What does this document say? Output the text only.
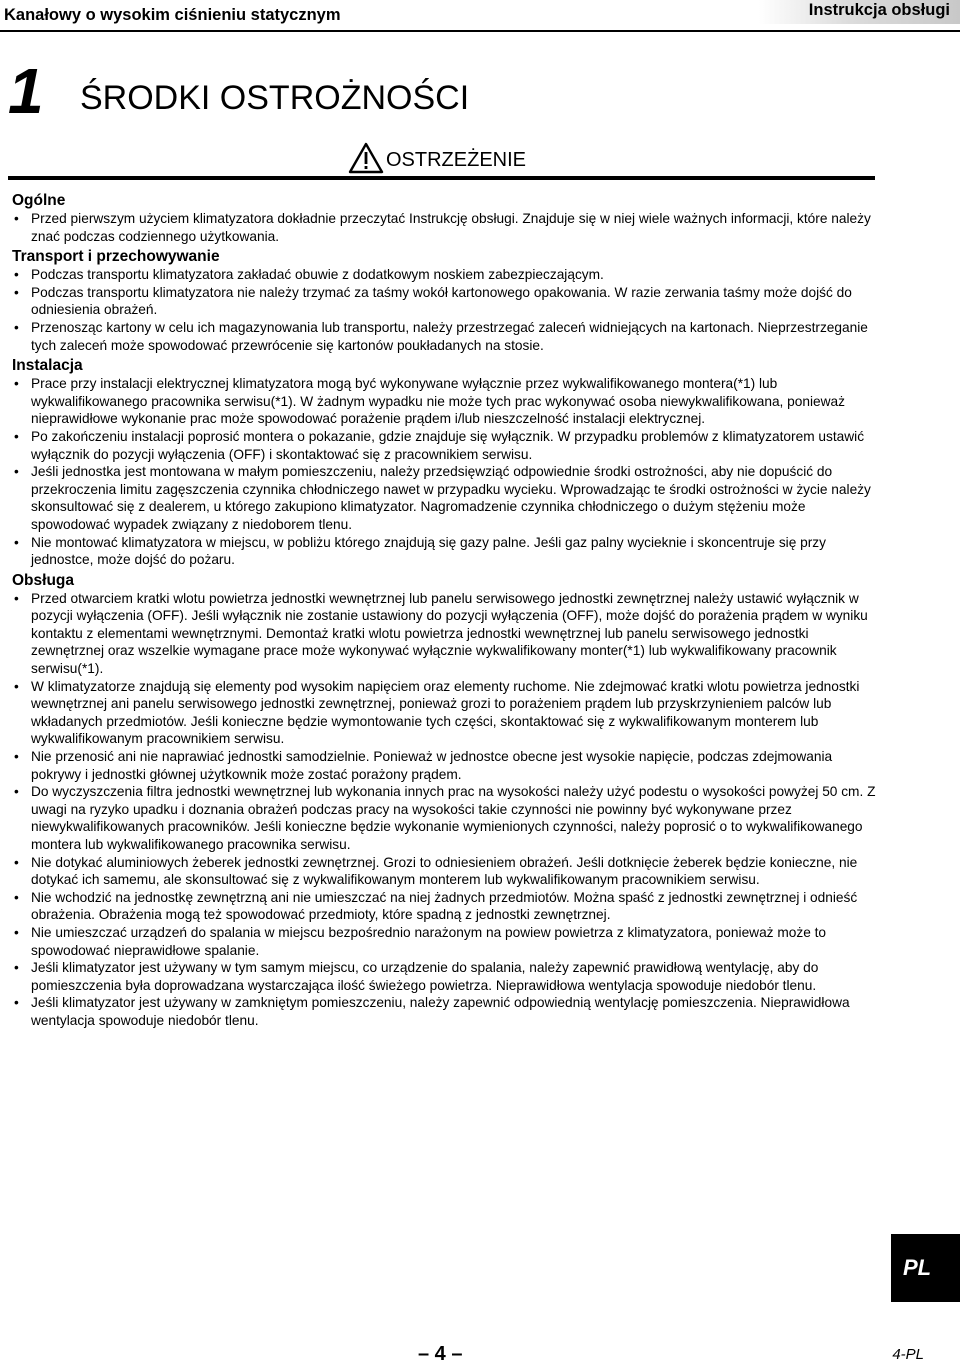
Kanałowy o wysokim ciśnieniu statycznym	Instrukcja obsługi
1 ŚRODKI OSTROŻNOŚCI
OSTRZEŻENIE
Ogólne
• Przed pierwszym użyciem klimatyzatora dokładnie przeczytać Instrukcję obsługi. Znajduje się w niej wiele ważnych informacji, które należy znać podczas codziennego użytkowania.
Transport i przechowywanie
• Podczas transportu klimatyzatora zakładać obuwie z dodatkowym noskiem zabezpieczającym.
• Podczas transportu klimatyzatora nie należy trzymać za taśmy wokół kartonowego opakowania. W razie zerwania taśmy może dojść do odniesienia obrażeń.
• Przenosząc kartony w celu ich magazynowania lub transportu, należy przestrzegać zaleceń widniejących na kartonach. Nieprzestrzeganie tych zaleceń może spowodować przewrócenie się kartonów poukładanych na stosie.
Instalacja
• Prace przy instalacji elektrycznej klimatyzatora mogą być wykonywane wyłącznie przez wykwalifikowanego montera(*1) lub wykwalifikowanego pracownika serwisu(*1). W żadnym wypadku nie może tych prac wykonywać osoba niewykwalifikowana, ponieważ nieprawidłowe wykonanie prac może spowodować porażenie prądem i/lub nieszczelność instalacji elektrycznej.
• Po zakończeniu instalacji poprosić montera o pokazanie, gdzie znajduje się wyłącznik. W przypadku problemów z klimatyzatorem ustawić wyłącznik do pozycji wyłączenia (OFF) i skontaktować się z pracownikiem serwisu.
• Jeśli jednostka jest montowana w małym pomieszczeniu, należy przedsięwziąć odpowiednie środki ostrożności, aby nie dopuścić do przekroczenia limitu zagęszczenia czynnika chłodniczego nawet w przypadku wycieku. Wprowadzając te środki ostrożności w życie należy skonsultować się z dealerem, u którego zakupiono klimatyzator. Nagromadzenie czynnika chłodniczego o dużym stężeniu może spowodować wypadek związany z niedoborem tlenu.
• Nie montować klimatyzatora w miejscu, w pobliżu którego znajdują się gazy palne. Jeśli gaz palny wycieknie i skoncentruje się przy jednostce, może dojść do pożaru.
Obsługa
• Przed otwarciem kratki wlotu powietrza jednostki wewnętrznej lub panelu serwisowego jednostki zewnętrznej należy ustawić wyłącznik w pozycji wyłączenia (OFF). Jeśli wyłącznik nie zostanie ustawiony do pozycji wyłączenia (OFF), może dojść do porażenia prądem w wyniku kontaktu z elementami wewnętrznymi. Demontaż kratki wlotu powietrza jednostki wewnętrznej lub panelu serwisowego jednostki zewnętrznej oraz wszelkie wymagane prace może wykonywać wyłącznie wykwalifikowany monter(*1) lub wykwalifikowany pracownik serwisu(*1).
• W klimatyzatorze znajdują się elementy pod wysokim napięciem oraz elementy ruchome. Nie zdejmować kratki wlotu powietrza jednostki wewnętrznej ani panelu serwisowego jednostki zewnętrznej, ponieważ grozi to porażeniem prądem lub przyskrzynieniem palców lub wkładanych przedmiotów. Jeśli konieczne będzie wymontowanie tych części, skontaktować się z wykwalifikowanym monterem lub wykwalifikowanym pracownikiem serwisu.
• Nie przenosić ani nie naprawiać jednostki samodzielnie. Ponieważ w jednostce obecne jest wysokie napięcie, podczas zdejmowania pokrywy i jednostki głównej użytkownik może zostać porażony prądem.
• Do wyczyszczenia filtra jednostki wewnętrznej lub wykonania innych prac na wysokości należy użyć podestu o wysokości powyżej 50 cm. Z uwagi na ryzyko upadku i doznania obrażeń podczas pracy na wysokości takie czynności nie powinny być wykonywane przez niewykwalifikowanych pracowników. Jeśli konieczne będzie wykonanie wymienionych czynności, należy poprosić o to wykwalifikowanego montera lub wykwalifikowanego pracownika serwisu.
• Nie dotykać aluminiowych żeberek jednostki zewnętrznej. Grozi to odniesieniem obrażeń. Jeśli dotknięcie żeberek będzie konieczne, nie dotykać ich samemu, ale skonsultować się z wykwalifikowanym monterem lub wykwalifikowanym pracownikiem serwisu.
• Nie wchodzić na jednostkę zewnętrzną ani nie umieszczać na niej żadnych przedmiotów. Można spaść z jednostki zewnętrznej i odnieść obrażenia. Obrażenia mogą też spowodować przedmioty, które spadną z jednostki zewnętrznej.
• Nie umieszczać urządzeń do spalania w miejscu bezpośrednio narażonym na powiew powietrza z klimatyzatora, ponieważ może to spowodować nieprawidłowe spalanie.
• Jeśli klimatyzator jest używany w tym samym miejscu, co urządzenie do spalania, należy zapewnić prawidłową wentylację, aby do pomieszczenia była doprowadzana wystarczająca ilość świeżego powietrza. Nieprawidłowa wentylacja spowoduje niedobór tlenu.
• Jeśli klimatyzator jest używany w zamkniętym pomieszczeniu, należy zapewnić odpowiednią wentylację pomieszczenia. Nieprawidłowa wentylacja spowoduje niedobór tlenu.
PL
– 4 –	4-PL
